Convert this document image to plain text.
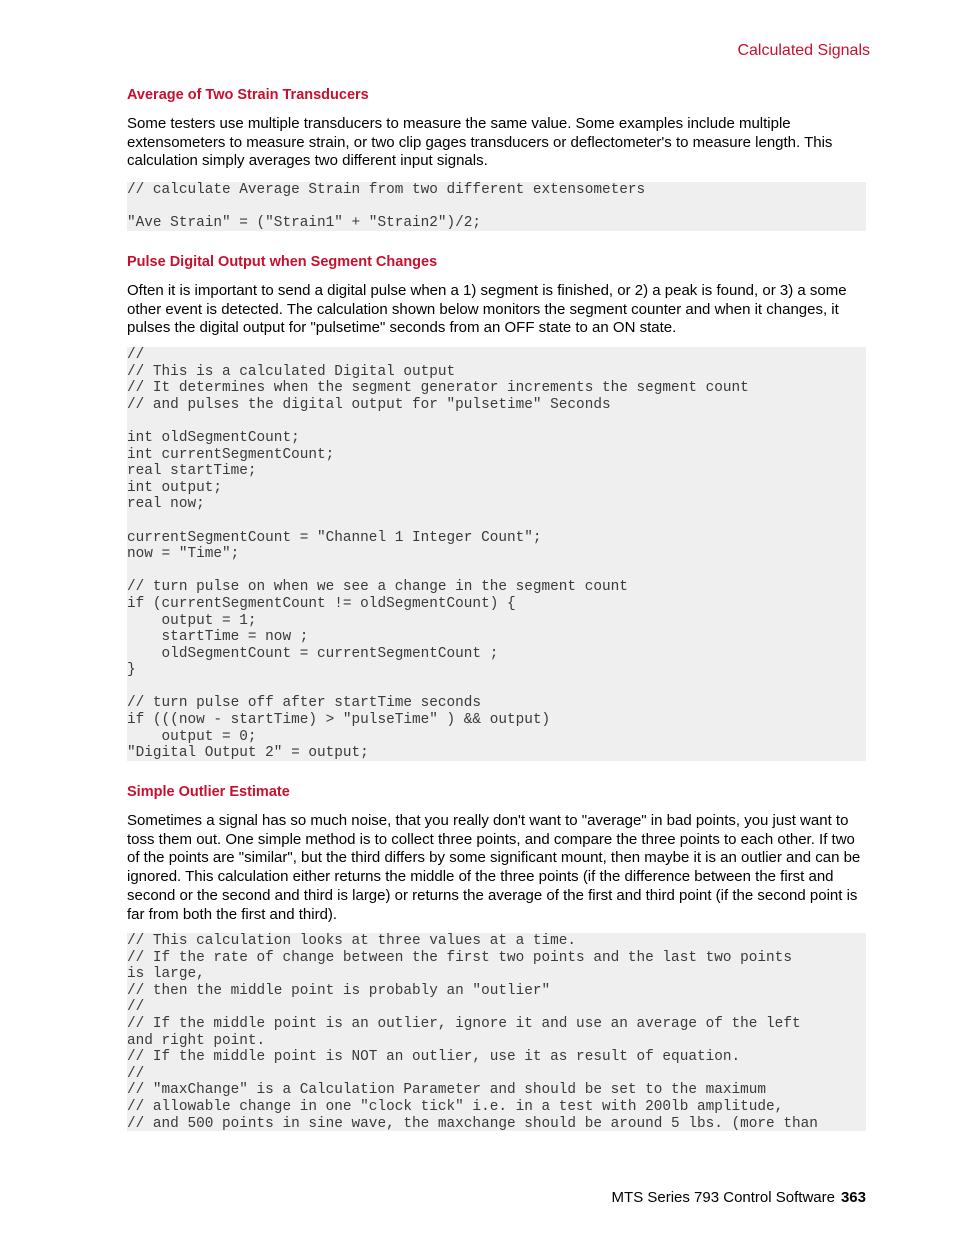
Calculated Signals
Average of Two Strain Transducers
Some testers use multiple transducers to measure the same value. Some examples include multiple extensometers to measure strain, or two clip gages transducers or deflectometer's to measure length. This calculation simply averages two different input signals.
// calculate Average Strain from two different extensometers

"Ave Strain" = ("Strain1" + "Strain2")/2;
Pulse Digital Output when Segment Changes
Often it is important to send a digital pulse when a 1) segment is finished, or 2) a peak is found, or 3) a some other event is detected. The calculation shown below monitors the segment counter and when it changes, it pulses the digital output for "pulsetime" seconds from an OFF state to an ON state.
//
// This is a calculated Digital output
// It determines when the segment generator increments the segment count
// and pulses the digital output for "pulsetime" Seconds

int oldSegmentCount;
int currentSegmentCount;
real startTime;
int output;
real now;

currentSegmentCount = "Channel 1 Integer Count";
now = "Time";

// turn pulse on when we see a change in the segment count
if (currentSegmentCount != oldSegmentCount) {
output = 1;
startTime = now ;
oldSegmentCount = currentSegmentCount ;
}

// turn pulse off after startTime seconds
if (((now - startTime) > "pulseTime" ) && output)
output = 0;
"Digital Output 2" = output;
Simple Outlier Estimate
Sometimes a signal has so much noise, that you really don't want to "average" in bad points, you just want to toss them out. One simple method is to collect three points, and compare the three points to each other. If two of the points are "similar", but the third differs by some significant mount, then maybe it is an outlier and can be ignored. This calculation either returns the middle of the three points (if the difference between the first and second or the second and third is large) or returns the average of the first and third point (if the second point is far from both the first and third).
// This calculation looks at three values at a time.
// If the rate of change between the first two points and the last two points
is large,
// then the middle point is probably an "outlier"
//
// If the middle point is an outlier, ignore it and use an average of the left
and right point.
// If the middle point is NOT an outlier, use it as result of equation.
//
// "maxChange" is a Calculation Parameter and should be set to the maximum
// allowable change in one "clock tick" i.e. in a test with 200lb amplitude,
// and 500 points in sine wave, the maxchange should be around 5 lbs. (more than
MTS Series 793 Control Software 363
